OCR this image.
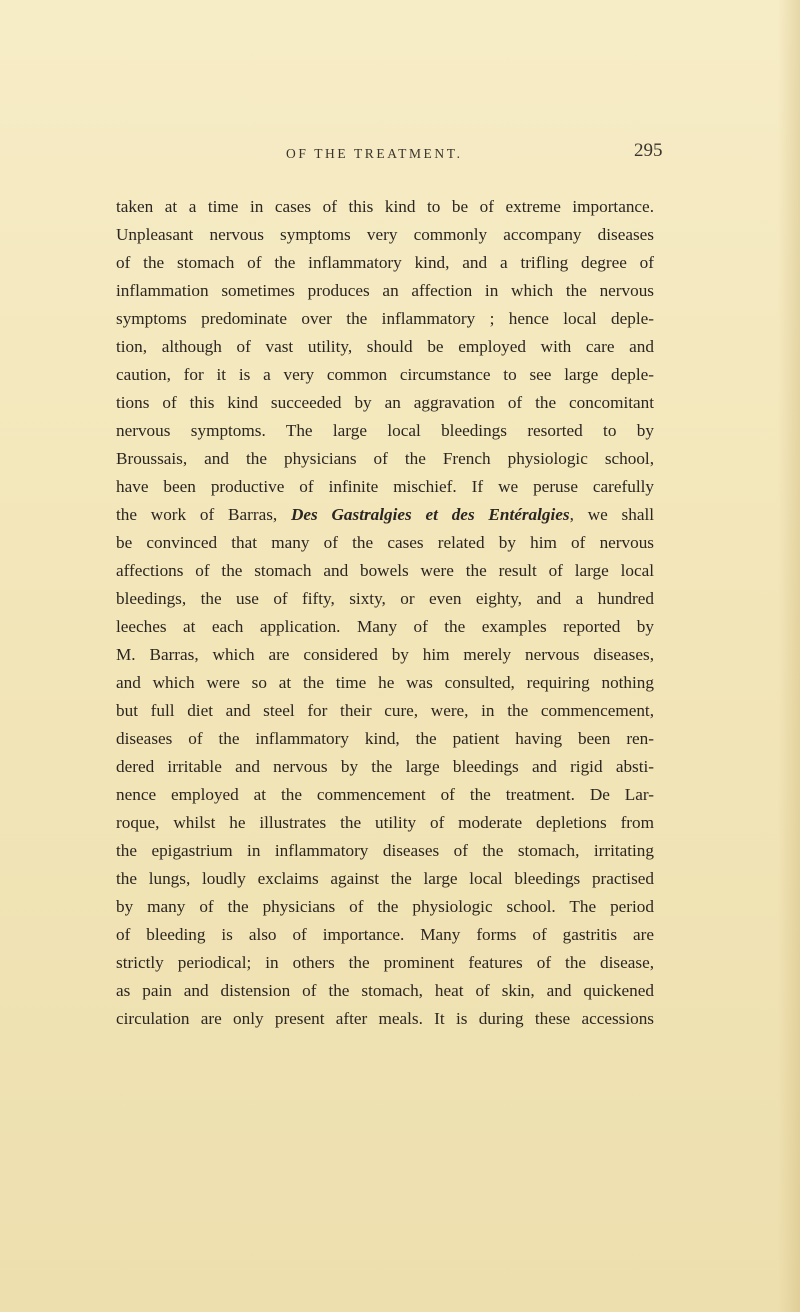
OF THE TREATMENT.	295
taken at a time in cases of this kind to be of extreme importance.
Unpleasant nervous symptoms very commonly accompany diseases
of the stomach of the inflammatory kind, and a trifling degree of
inflammation sometimes produces an affection in which the nervous
symptoms predominate over the inflammatory ; hence local deple-
tion, although of vast utility, should be employed with care and
caution, for it is a very common circumstance to see large deple-
tions of this kind succeeded by an aggravation of the concomitant
nervous symptoms. The large local bleedings resorted to by
Broussais, and the physicians of the French physiologic school,
have been productive of infinite mischief. If we peruse carefully
the work of Barras, Des Gastralgies et des Entéralgies, we shall
be convinced that many of the cases related by him of nervous
affections of the stomach and bowels were the result of large local
bleedings, the use of fifty, sixty, or even eighty, and a hundred
leeches at each application. Many of the examples reported by
M. Barras, which are considered by him merely nervous diseases,
and which were so at the time he was consulted, requiring nothing
but full diet and steel for their cure, were, in the commencement,
diseases of the inflammatory kind, the patient having been ren-
dered irritable and nervous by the large bleedings and rigid absti-
nence employed at the commencement of the treatment. De Lar-
roque, whilst he illustrates the utility of moderate depletions from
the epigastrium in inflammatory diseases of the stomach, irritating
the lungs, loudly exclaims against the large local bleedings practised
by many of the physicians of the physiologic school. The period
of bleeding is also of importance. Many forms of gastritis are
strictly periodical; in others the prominent features of the disease,
as pain and distension of the stomach, heat of skin, and quickened
circulation are only present after meals. It is during these accessions
